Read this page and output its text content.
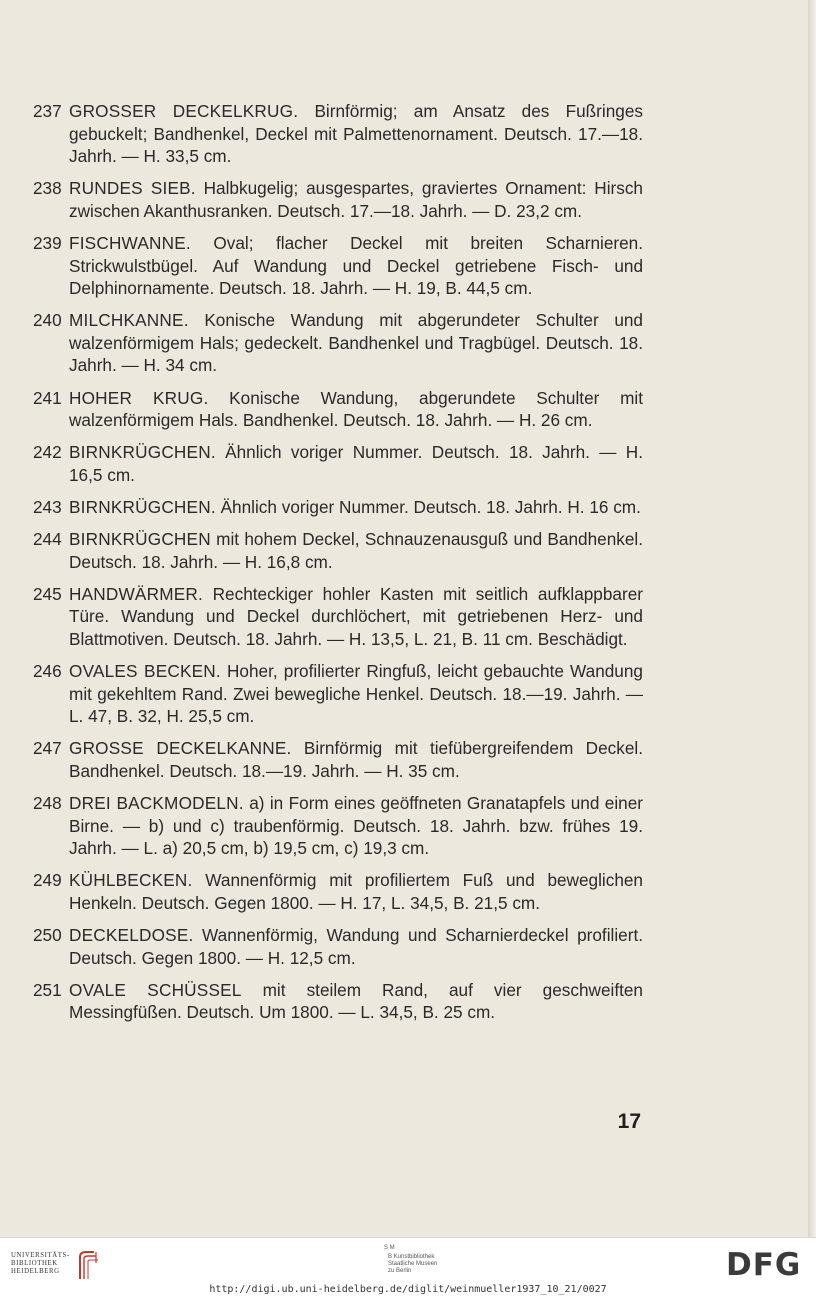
237 GROSSER DECKELKRUG. Birnförmig; am Ansatz des Fußringes gebuckelt; Bandhenkel, Deckel mit Palmettenornament. Deutsch. 17.—18. Jahrh. — H. 33,5 cm.
238 RUNDES SIEB. Halbkugelig; ausgespartes, graviertes Ornament: Hirsch zwischen Akanthusranken. Deutsch. 17.—18. Jahrh. — D. 23,2 cm.
239 FISCHWANNE. Oval; flacher Deckel mit breiten Scharnieren. Strickwulstbügel. Auf Wandung und Deckel getriebene Fisch- und Delphinornamente. Deutsch. 18. Jahrh. — H. 19, B. 44,5 cm.
240 MILCHKANNE. Konische Wandung mit abgerundeter Schulter und walzenförmigem Hals; gedeckelt. Bandhenkel und Tragbügel. Deutsch. 18. Jahrh. — H. 34 cm.
241 HOHER KRUG. Konische Wandung, abgerundete Schulter mit walzenförmigem Hals. Bandhenkel. Deutsch. 18. Jahrh. — H. 26 cm.
242 BIRNKRÜGCHEN. Ähnlich voriger Nummer. Deutsch. 18. Jahrh. — H. 16,5 cm.
243 BIRNKRÜGCHEN. Ähnlich voriger Nummer. Deutsch. 18. Jahrh. H. 16 cm.
244 BIRNKRÜGCHEN mit hohem Deckel, Schnauzenausguß und Bandhenkel. Deutsch. 18. Jahrh. — H. 16,8 cm.
245 HANDWÄRMER. Rechteckiger hohler Kasten mit seitlich aufklappbarer Türe. Wandung und Deckel durchlöchert, mit getriebenen Herz- und Blattmotiven. Deutsch. 18. Jahrh. — H. 13,5, L. 21, B. 11 cm. Beschädigt.
246 OVALES BECKEN. Hoher, profilierter Ringfuß, leicht gebauchte Wandung mit gekehltem Rand. Zwei bewegliche Henkel. Deutsch. 18.—19. Jahrh. — L. 47, B. 32, H. 25,5 cm.
247 GROSSE DECKELKANNE. Birnförmig mit tiefübergreifendem Deckel. Bandhenkel. Deutsch. 18.—19. Jahrh. — H. 35 cm.
248 DREI BACKMODELN. a) in Form eines geöffneten Granatapfels und einer Birne. — b) und c) traubenförmig. Deutsch. 18. Jahrh. bzw. frühes 19. Jahrh. — L. a) 20,5 cm, b) 19,5 cm, c) 19,3 cm.
249 KÜHLBECKEN. Wannenförmig mit profiliertem Fuß und beweglichen Henkeln. Deutsch. Gegen 1800. — H. 17, L. 34,5, B. 21,5 cm.
250 DECKELDOSE. Wannenförmig, Wandung und Scharnierdeckel profiliert. Deutsch. Gegen 1800. — H. 12,5 cm.
251 OVALE SCHÜSSEL mit steilem Rand, auf vier geschweiften Messingfüßen. Deutsch. Um 1800. — L. 34,5, B. 25 cm.
17
UNIVERSITÄTS-
BIBLIOTHEK
HEIDELBERG
S M
B Kunstbibliothek
Staatliche Museen
zu Berlin	DFG
http://digi.ub.uni-heidelberg.de/diglit/weinmueller1937_10_21/0027
